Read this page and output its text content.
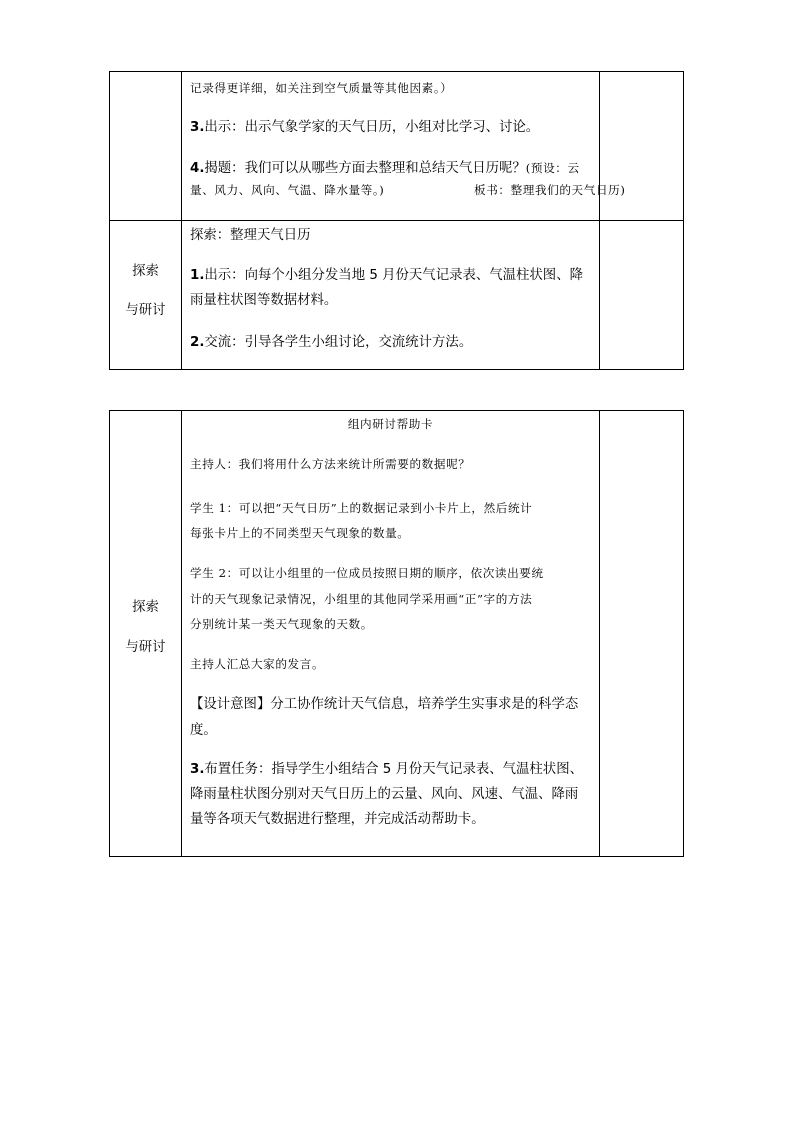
记录得更详细，如关注到空气质量等其他因素。）
3.出示：出示气象学家的天气日历，小组对比学习、讨论。
4.揭题：我们可以从哪些方面去整理和总结天气日历呢？(预设：云
量、风力、风向、气温、降水量等。)	板书：整理我们的天气日历)
探索
与研讨
探索：整理天气日历
1.出示：向每个小组分发当地 5 月份天气记录表、气温柱状图、降
雨量柱状图等数据材料。
2.交流：引导各学生小组讨论，交流统计方法。
探索
与研讨
组内研讨帮助卡
主持人：我们将用什么方法来统计所需要的数据呢？
学生 1：可以把“天气日历”上的数据记录到小卡片上，然后统计
每张卡片上的不同类型天气现象的数量。
学生 2：可以让小组里的一位成员按照日期的顺序，依次读出要统
计的天气现象记录情况，小组里的其他同学采用画“正”字的方法
分别统计某一类天气现象的天数。
主持人汇总大家的发言。
【设计意图】分工协作统计天气信息，培养学生实事求是的科学态
度。
3.布置任务：指导学生小组结合 5 月份天气记录表、气温柱状图、
降雨量柱状图分别对天气日历上的云量、风向、风速、气温、降雨
量等各项天气数据进行整理，并完成活动帮助卡。
